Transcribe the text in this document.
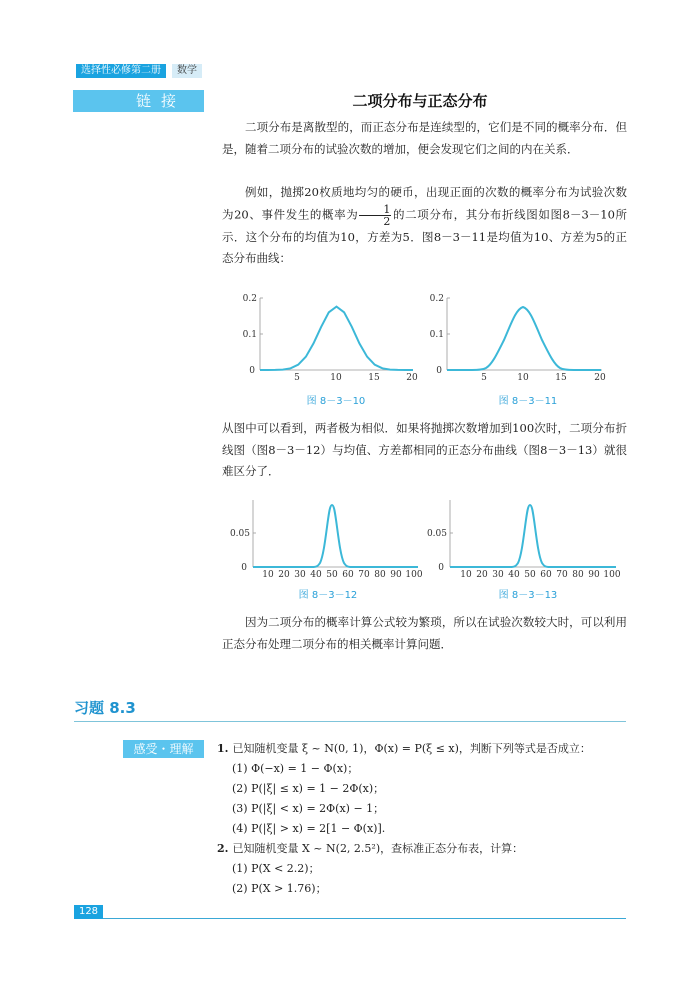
选择性必修第二册	数学
链接	二项分布与正态分布
二项分布是离散型的，而正态分布是连续型的，它们是不同的概率分布．但是，随着二项分布的试验次数的增加，便会发现它们之间的内在关系．
例如，抛掷20枚质地均匀的硬币，出现正面的次数的概率分布为试验次数为20、事件发生的概率为 $\frac{1}{2}$ 的二项分布，其分布折线图如图8－3－10所示．这个分布的均值为10，方差为5．图8－3－11是均值为10、方差为5的正态分布曲线：
0.2
0.1
0
5	10	15	20
图 8－3－10
0.2
0.1
0
5	10	15	20
图 8－3－11
从图中可以看到，两者极为相似．如果将抛掷次数增加到100次时，二项分布折线图（图8－3－12）与均值、方差都相同的正态分布曲线（图8－3－13）就很难区分了．
0.05
0
10 20 30 40 50 60 70 80 90 100
图 8－3－12
0.05
0
10 20 30 40 50 60 70 80 90 100
图 8－3－13
因为二项分布的概率计算公式较为繁琐，所以在试验次数较大时，可以利用正态分布处理二项分布的相关概率计算问题．
习题 8.3
感受・理解	1. 已知随机变量 ξ ~ N(0, 1)，Φ(x) = P(ξ ≤ x)，判断下列等式是否成立：
(1) Φ(−x) = 1 − Φ(x)；
(2) P(|ξ| ≤ x) = 1 − 2Φ(x)；
(3) P(|ξ| < x) = 2Φ(x) − 1；
(4) P(|ξ| > x) = 2[1 − Φ(x)].
2. 已知随机变量 X ~ N(2, 2.5²)，查标准正态分布表，计算：
(1) P(X < 2.2)；
(2) P(X > 1.76)；
128
